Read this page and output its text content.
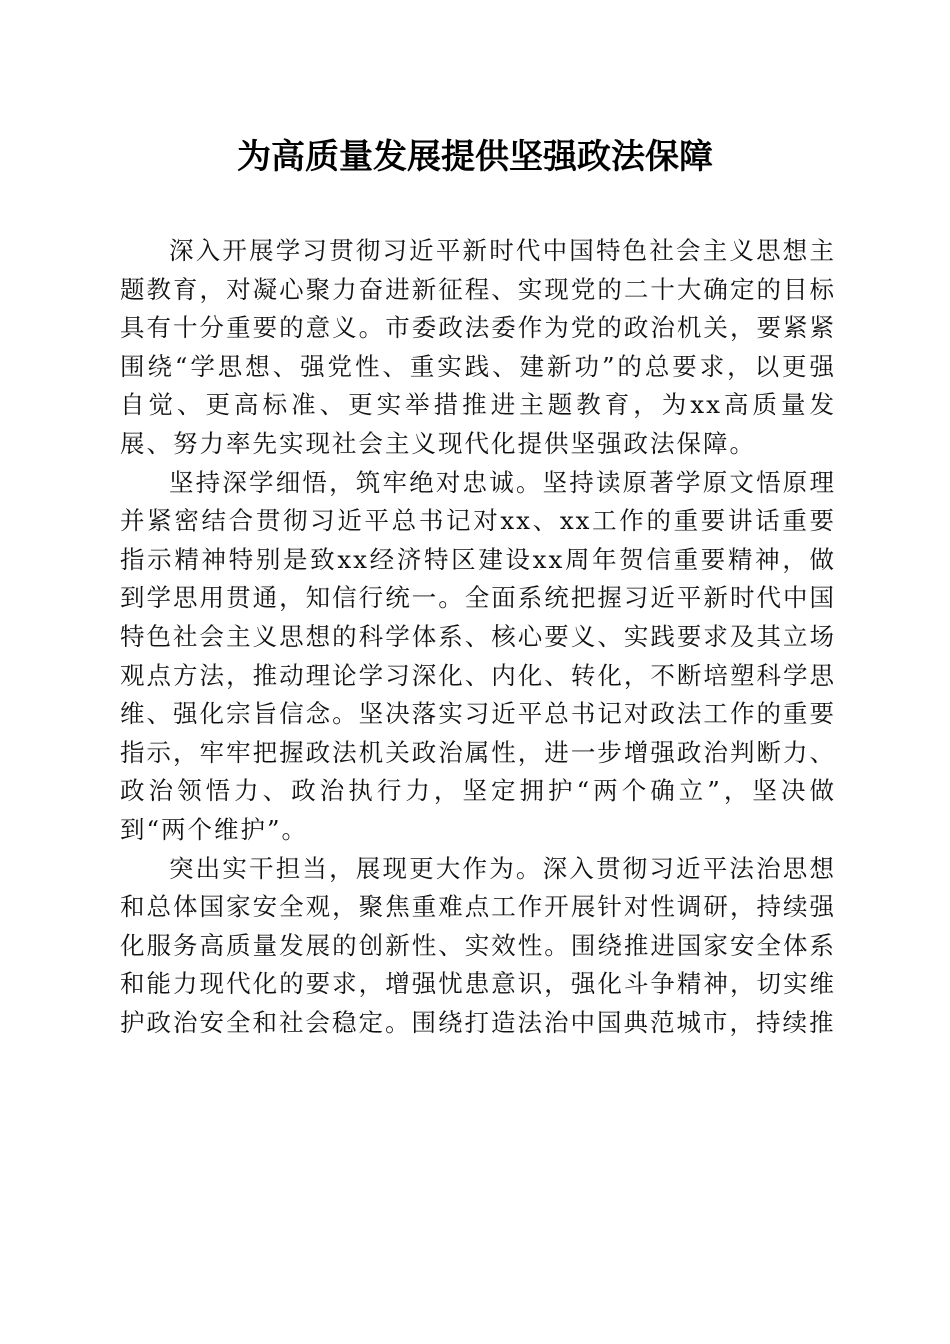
为高质量发展提供坚强政法保障

深入开展学习贯彻习近平新时代中国特色社会主义思想主题教育，对凝心聚力奋进新征程、实现党的二十大确定的目标具有十分重要的意义。市委政法委作为党的政治机关，要紧紧围绕“学思想、强党性、重实践、建新功”的总要求，以更强自觉、更高标准、更实举措推进主题教育，为xx高质量发展、努力率先实现社会主义现代化提供坚强政法保障。

坚持深学细悟，筑牢绝对忠诚。坚持读原著学原文悟原理并紧密结合贯彻习近平总书记对xx、xx工作的重要讲话重要指示精神特别是致xx经济特区建设xx周年贺信重要精神，做到学思用贯通，知信行统一。全面系统把握习近平新时代中国特色社会主义思想的科学体系、核心要义、实践要求及其立场观点方法，推动理论学习深化、内化、转化，不断培塑科学思维、强化宗旨信念。坚决落实习近平总书记对政法工作的重要指示，牢牢把握政法机关政治属性，进一步增强政治判断力、政治领悟力、政治执行力，坚定拥护“两个确立”，坚决做到“两个维护”。

突出实干担当，展现更大作为。深入贯彻习近平法治思想和总体国家安全观，聚焦重难点工作开展针对性调研，持续强化服务高质量发展的创新性、实效性。围绕推进国家安全体系和能力现代化的要求，增强忧患意识，强化斗争精神，切实维护政治安全和社会稳定。围绕打造法治中国典范城市，持续推
